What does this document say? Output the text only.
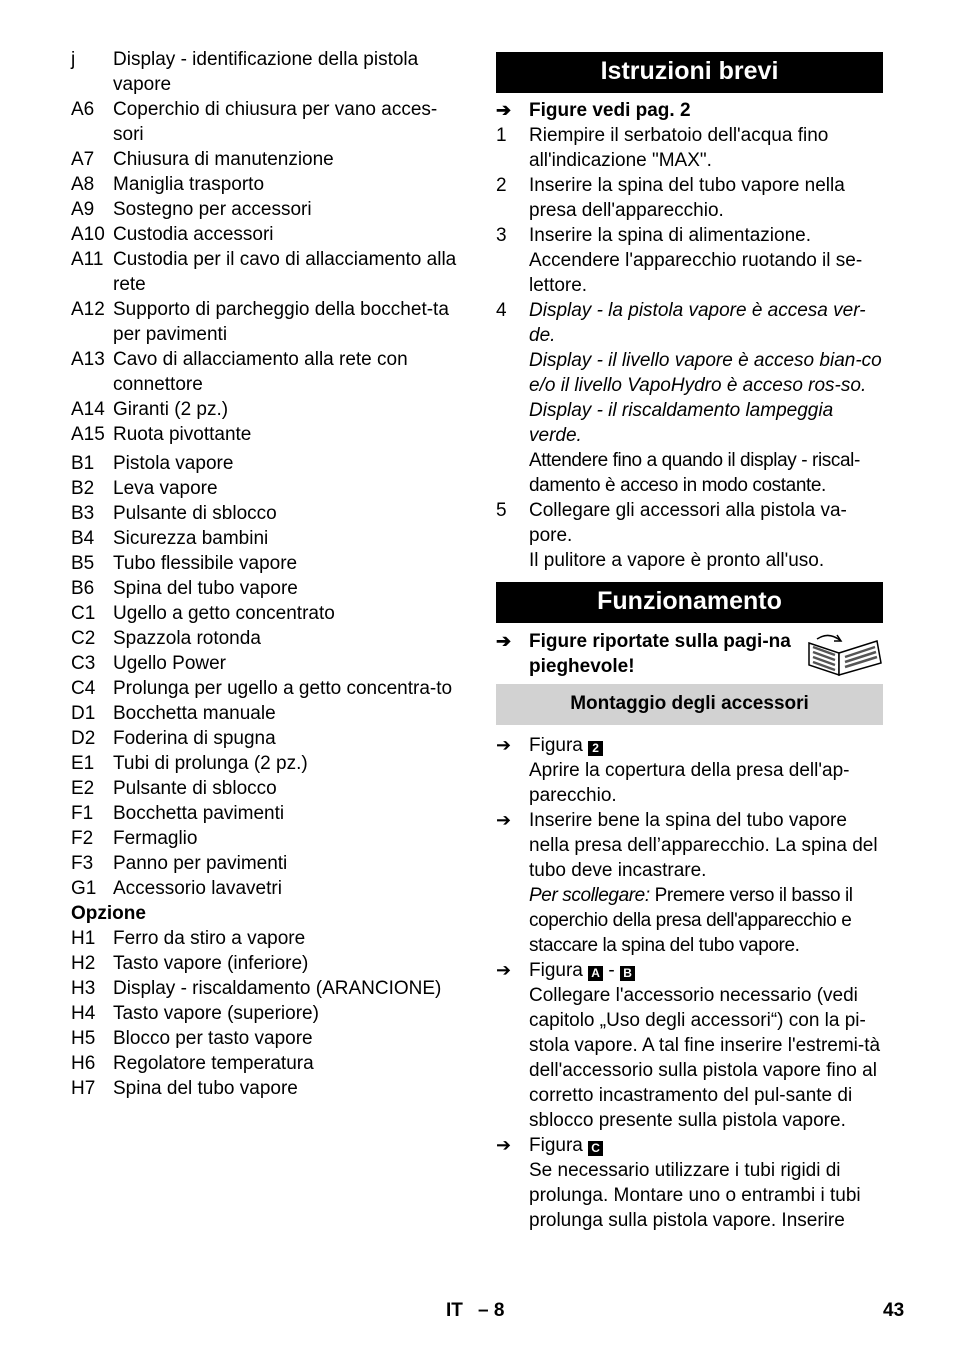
j	Display - identificazione della pistola vapore
A6 Coperchio di chiusura per vano acces-sori
A7 Chiusura di manutenzione
A8 Maniglia trasporto
A9 Sostegno per accessori
A10 Custodia accessori
A11 Custodia per il cavo di allacciamento alla rete
A12 Supporto di parcheggio della bocchet-ta per pavimenti
A13 Cavo di allacciamento alla rete con connettore
A14 Giranti (2 pz.)
A15 Ruota pivottante
B1 Pistola vapore
B2 Leva vapore
B3 Pulsante di sblocco
B4 Sicurezza bambini
B5 Tubo flessibile vapore
B6 Spina del tubo vapore
C1 Ugello a getto concentrato
C2 Spazzola rotonda
C3 Ugello Power
C4 Prolunga per ugello a getto concentra-to
D1 Bocchetta manuale
D2 Foderina di spugna
E1 Tubi di prolunga (2 pz.)
E2 Pulsante di sblocco
F1	Bocchetta pavimenti
F2	Fermaglio
F3	Panno per pavimenti
G1 Accessorio lavavetri
Opzione
H1 Ferro da stiro a vapore
H2 Tasto vapore (inferiore)
H3 Display - riscaldamento (ARANCIONE)
H4 Tasto vapore (superiore)
H5 Blocco per tasto vapore
H6 Regolatore temperatura
H7 Spina del tubo vapore
Istruzioni brevi
➔ Figure vedi pag. 2
1	Riempire il serbatoio dell'acqua fino all'indicazione "MAX".
2	Inserire la spina del tubo vapore nella presa dell'apparecchio.
3	Inserire la spina di alimentazione. Accendere l'apparecchio ruotando il se-lettore.
4	Display - la pistola vapore è accesa ver-de.
Display - il livello vapore è acceso bian-co e/o il livello VapoHydro è acceso ros-so.
Display - il riscaldamento lampeggia verde.
Attendere fino a quando il display - riscal-damento è acceso in modo costante.
5	Collegare gli accessori alla pistola va-pore.
Il pulitore a vapore è pronto all'uso.
Funzionamento
➔ Figure riportate sulla pagi-na pieghevole!
Montaggio degli accessori
➔ Figura 2
Aprire la copertura della presa dell'ap-parecchio.
➔ Inserire bene la spina del tubo vapore nella presa dell’apparecchio. La spina del tubo deve incastrare.
Per scollegare: Premere verso il basso il coperchio della presa dell'apparecchio e staccare la spina del tubo vapore.
➔ Figura A - B
Collegare l'accessorio necessario (vedi capitolo „Uso degli accessori“) con la pi-stola vapore. A tal fine inserire l'estremi-tà dell'accessorio sulla pistola vapore fino al corretto incastramento del pul-sante di sblocco presente sulla pistola vapore.
➔ Figura C
Se necessario utilizzare i tubi rigidi di prolunga. Montare uno o entrambi i tubi prolunga sulla pistola vapore. Inserire
IT – 8	43
